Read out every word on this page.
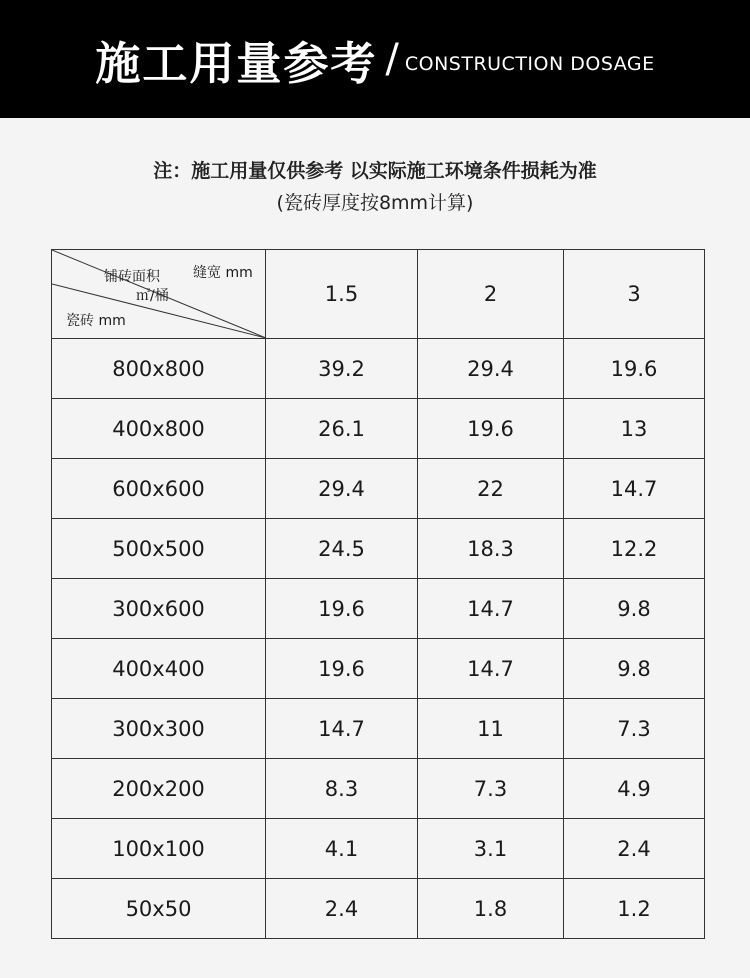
施工用量参考 / CONSTRUCTION DOSAGE
注：施工用量仅供参考 以实际施工环境条件损耗为准
(瓷砖厚度按8mm计算)
缝宽 mm
铺砖面积
㎡/桶
瓷砖 mm	1.5	2	3
800x800	39.2	29.4	19.6
400x800	26.1	19.6	13
600x600	29.4	22	14.7
500x500	24.5	18.3	12.2
300x600	19.6	14.7	9.8
400x400	19.6	14.7	9.8
300x300	14.7	11	7.3
200x200	8.3	7.3	4.9
100x100	4.1	3.1	2.4
50x50	2.4	1.8	1.2
